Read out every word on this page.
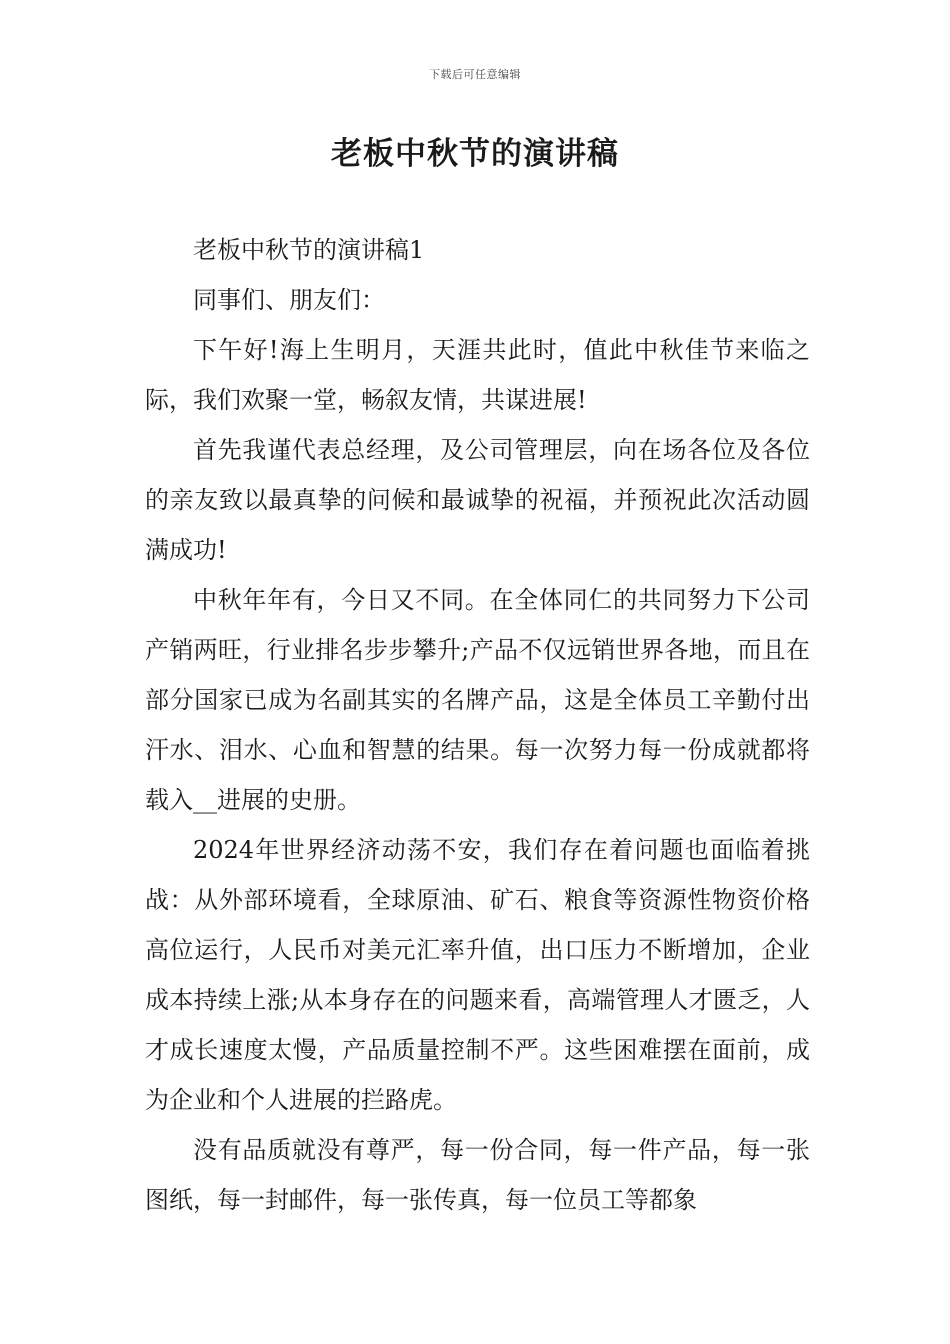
下载后可任意编辑
老板中秋节的演讲稿

老板中秋节的演讲稿1

同事们、朋友们：

下午好!海上生明月，天涯共此时，值此中秋佳节来临之际，我们欢聚一堂，畅叙友情，共谋进展!

首先我谨代表总经理，及公司管理层，向在场各位及各位的亲友致以最真挚的问候和最诚挚的祝福，并预祝此次活动圆满成功!

中秋年年有，今日又不同。在全体同仁的共同努力下公司产销两旺，行业排名步步攀升;产品不仅远销世界各地，而且在部分国家已成为名副其实的名牌产品，这是全体员工辛勤付出汗水、泪水、心血和智慧的结果。每一次努力每一份成就都将载入__进展的史册。

2024年世界经济动荡不安，我们存在着问题也面临着挑战：从外部环境看，全球原油、矿石、粮食等资源性物资价格高位运行，人民币对美元汇率升值，出口压力不断增加，企业成本持续上涨;从本身存在的问题来看，高端管理人才匮乏，人才成长速度太慢，产品质量控制不严。这些困难摆在面前，成为企业和个人进展的拦路虎。

没有品质就没有尊严，每一份合同，每一件产品，每一张图纸，每一封邮件，每一张传真，每一位员工等都象
